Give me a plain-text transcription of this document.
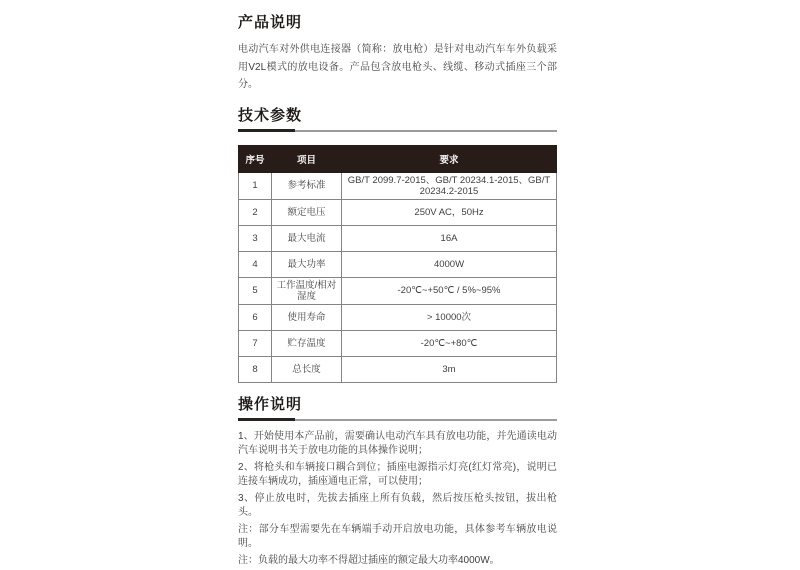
产品说明

电动汽车对外供电连接器（简称：放电枪）是针对电动汽车车外负载采用V2L模式的放电设备。产品包含放电枪头、线缆、移动式插座三个部分。

技术参数
序号	项目	要求
1	参考标准	GB/T 2099.7-2015、GB/T 20234.1-2015、GB/T 20234.2-2015
2	额定电压	250V AC，50Hz
3	最大电流	16A
4	最大功率	4000W
5	工作温度/相对湿度	-20℃~+50℃ / 5%~95%
6	使用寿命	> 10000次
7	贮存温度	-20℃~+80℃
8	总长度	3m
操作说明

1、开始使用本产品前，需要确认电动汽车具有放电功能，并先通读电动汽车说明书关于放电功能的具体操作说明；

2、将枪头和车辆接口耦合到位；插座电源指示灯亮(红灯常亮)，说明已连接车辆成功，插座通电正常，可以使用；

3、停止放电时，先拔去插座上所有负载，然后按压枪头按钮，拔出枪头。

注：部分车型需要先在车辆端手动开启放电功能，具体参考车辆放电说明。

注：负载的最大功率不得超过插座的额定最大功率4000W。
